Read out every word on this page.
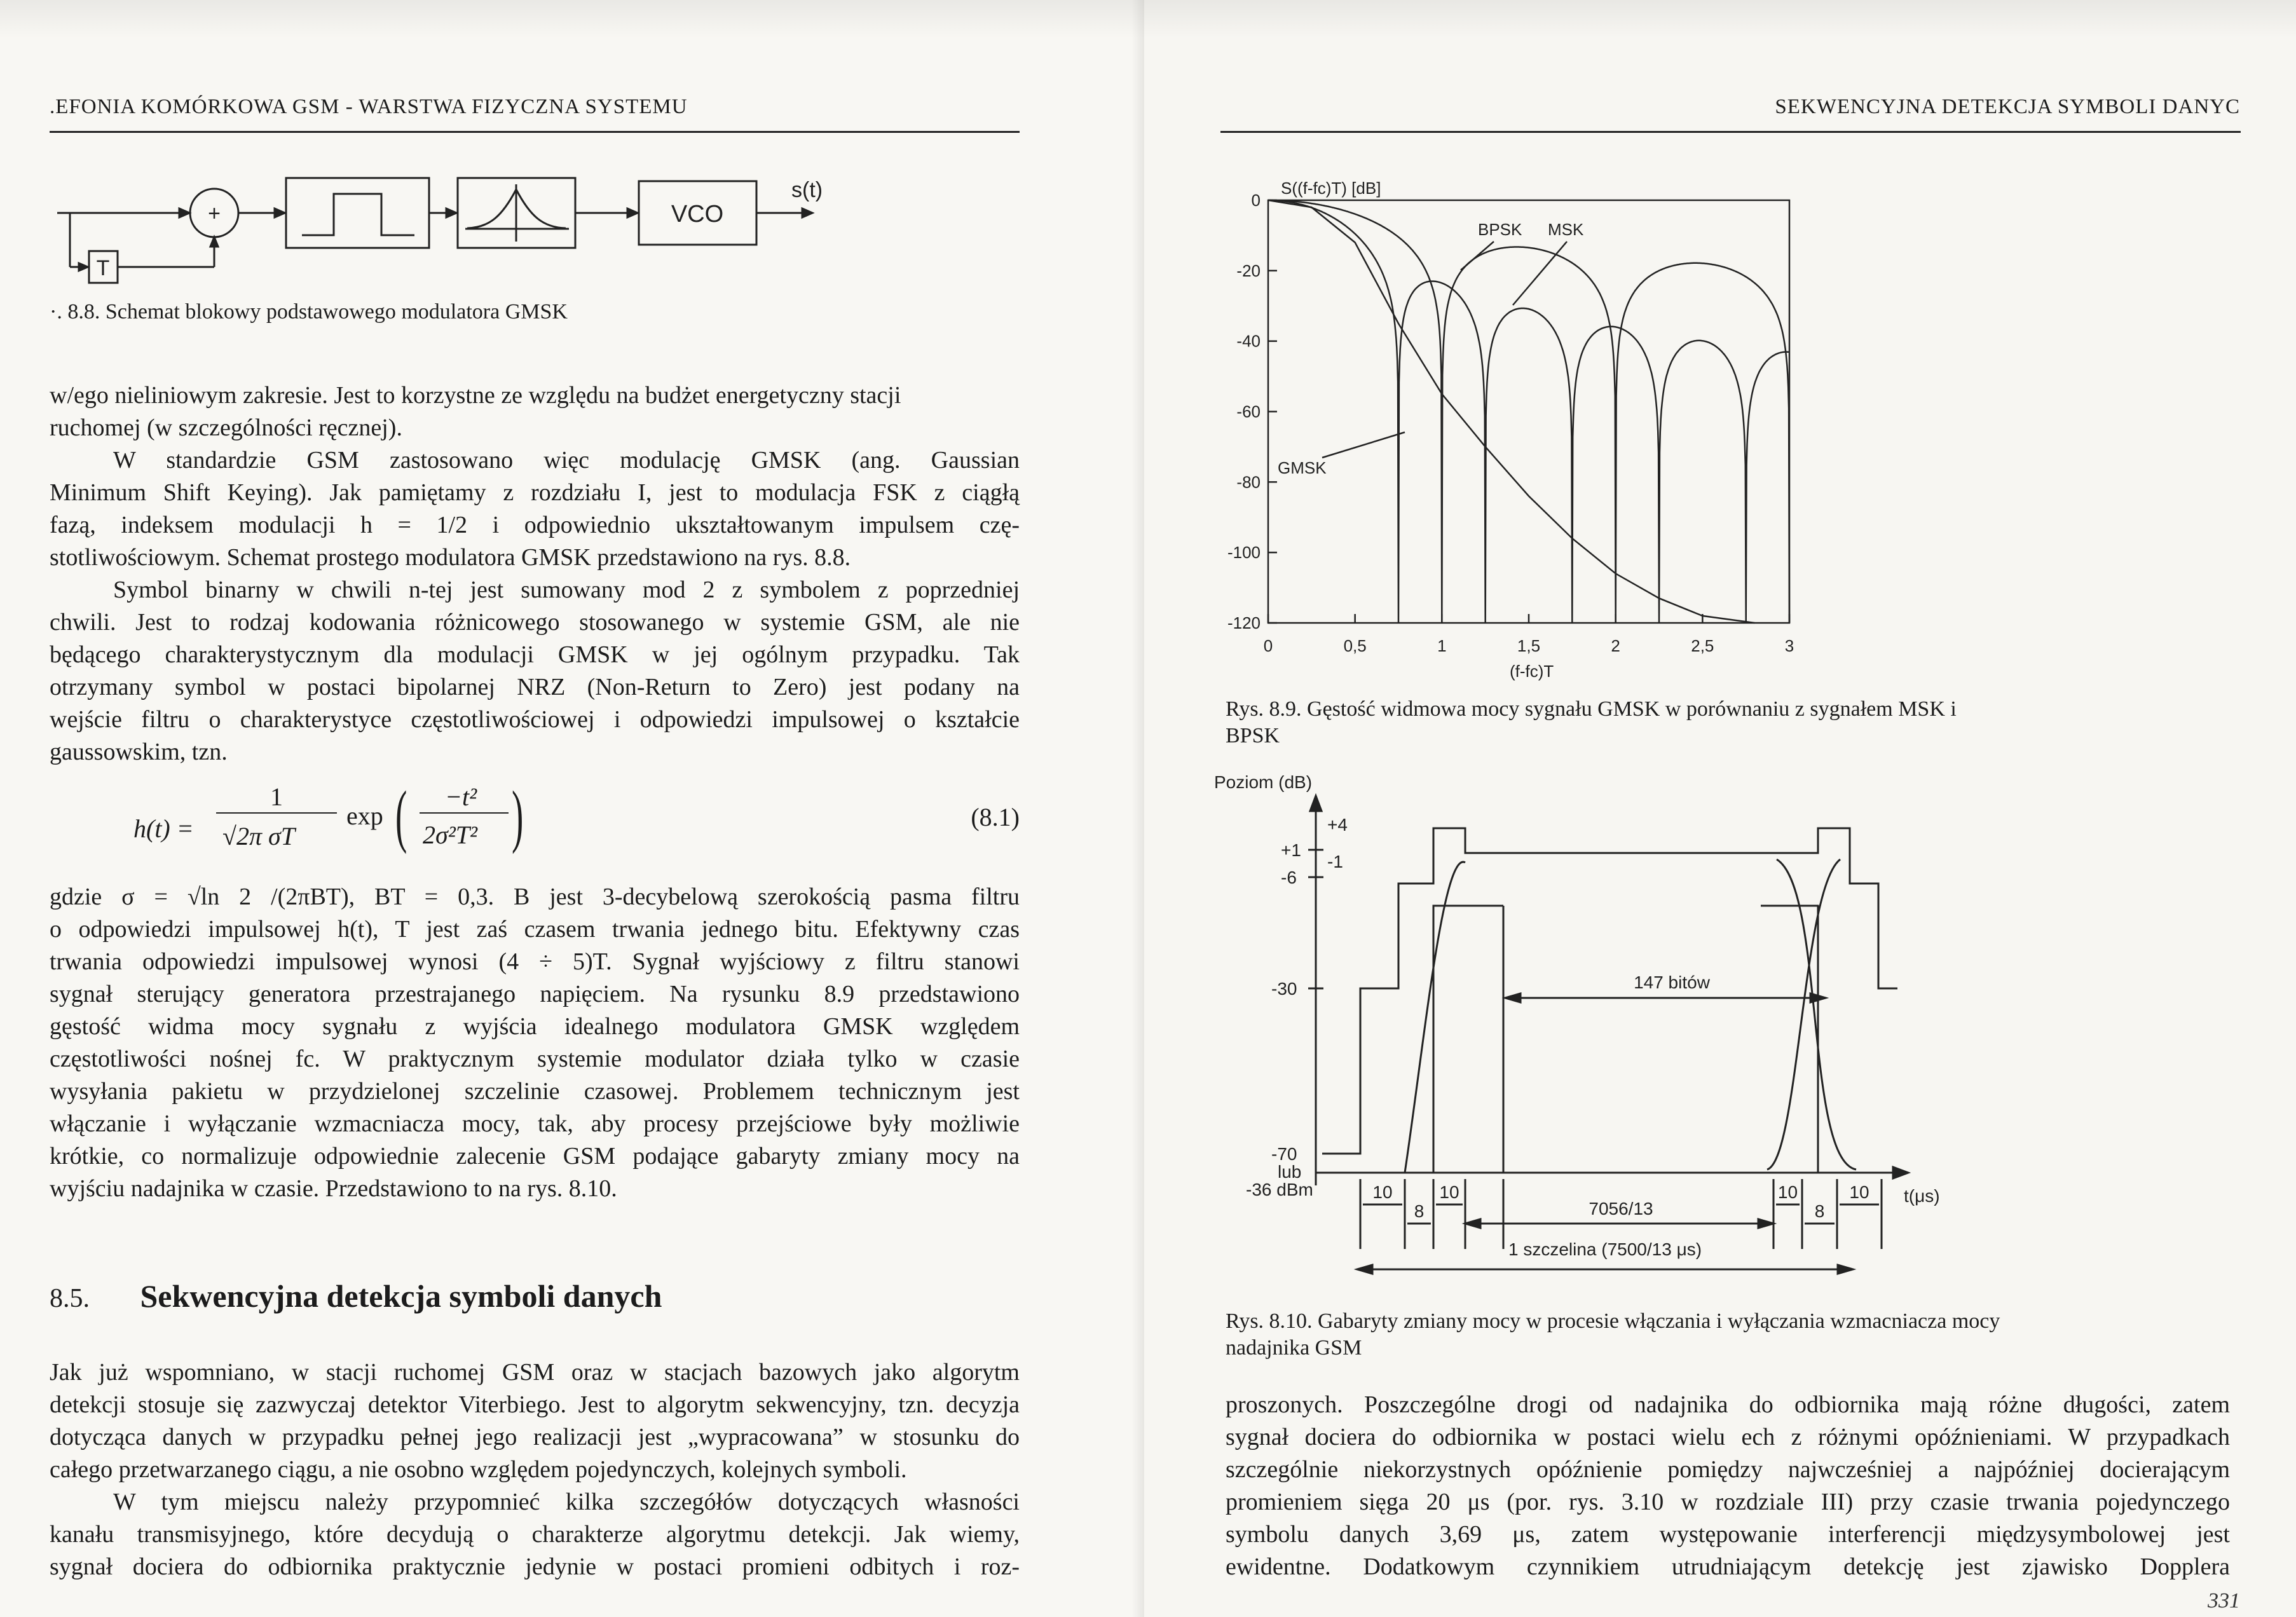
.EFONIA KOMÓRKOWA GSM - WARSTWA FIZYCZNA SYSTEMU
+
T
VCO
s(t)
·. 8.8. Schemat blokowy podstawowego modulatora GMSK

w/ego nieliniowym zakresie. Jest to korzystne ze względu na budżet energetyczny stacji
ruchomej (w szczególności ręcznej).

W standardzie GSM zastosowano więc modulację GMSK (ang. Gaussian
Minimum Shift Keying). Jak pamiętamy z rozdziału I, jest to modulacja FSK z ciągłą
fazą, indeksem modulacji h = 1/2 i odpowiednio ukształtowanym impulsem czę-
stotliwościowym. Schemat prostego modulatora GMSK przedstawiono na rys. 8.8.

Symbol binarny w chwili n-tej jest sumowany mod 2 z symbolem z poprzedniej
chwili. Jest to rodzaj kodowania różnicowego stosowanego w systemie GSM, ale nie
będącego charakterystycznym dla modulacji GMSK w jej ogólnym przypadku. Tak
otrzymany symbol w postaci bipolarnej NRZ (Non-Return to Zero) jest podany na
wejście filtru o charakterystyce częstotliwościowej i odpowiedzi impulsowej o kształcie
gaussowskim, tzn.

h(t) =
1
√2π σT
exp ( −t²
2σ²T² )	(8.1)

gdzie σ = √ln 2 /(2πBT), BT = 0,3. B jest 3-decybelową szerokością pasma filtru
o odpowiedzi impulsowej h(t), T jest zaś czasem trwania jednego bitu. Efektywny czas
trwania odpowiedzi impulsowej wynosi (4 ÷ 5)T. Sygnał wyjściowy z filtru stanowi
sygnał sterujący generatora przestrajanego napięciem. Na rysunku 8.9 przedstawiono
gęstość widma mocy sygnału z wyjścia idealnego modulatora GMSK względem
częstotliwości nośnej fc. W praktycznym systemie modulator działa tylko w czasie
wysyłania pakietu w przydzielonej szczelinie czasowej. Problemem technicznym jest
włączanie i wyłączanie wzmacniacza mocy, tak, aby procesy przejściowe były możliwie
krótkie, co normalizuje odpowiednie zalecenie GSM podające gabaryty zmiany mocy na
wyjściu nadajnika w czasie. Przedstawiono to na rys. 8.10.

8.5. Sekwencyjna detekcja symboli danych

Jak już wspomniano, w stacji ruchomej GSM oraz w stacjach bazowych jako algorytm
detekcji stosuje się zazwyczaj detektor Viterbiego. Jest to algorytm sekwencyjny, tzn. decyzja
dotycząca danych w przypadku pełnej jego realizacji jest „wypracowana” w stosunku do
całego przetwarzanego ciągu, a nie osobno względem pojedynczych, kolejnych symboli.

W tym miejscu należy przypomnieć kilka szczegółów dotyczących własności
kanału transmisyjnego, które decydują o charakterze algorytmu detekcji. Jak wiemy,
sygnał dociera do odbiornika praktycznie jedynie w postaci promieni odbitych i roz-

SEKWENCYJNA DETEKCJA SYMBOLI DANYC
S((f-fc)T) [dB]
(f-fc)T
0
-20
-40
-60
-80
-100
-120
0	0,5	1	1,5	2	2,5	3
BPSK MSK
GMSK
Rys. 8.9. Gęstość widmowa mocy sygnału GMSK w porównaniu z sygnałem MSK i BPSK
Poziom (dB)
t(μs)
+4
+1
-1
-6
-30
-70
lub
-36 dBm
147 bitów
10
8
10	10
8
10
7056/13
1 szczelina (7500/13 μs)
Rys. 8.10. Gabaryty zmiany mocy w procesie włączania i wyłączania wzmacniacza mocy nadajnika GSM

proszonych. Poszczególne drogi od nadajnika do odbiornika mają różne długości, zatem
sygnał dociera do odbiornika w postaci wielu ech z różnymi opóźnieniami. W przypadkach
szczególnie niekorzystnych opóźnienie pomiędzy najwcześniej a najpóźniej docierającym
promieniem sięga 20 μs (por. rys. 3.10 w rozdziale III) przy czasie trwania pojedynczego
symbolu danych 3,69 μs, zatem występowanie interferencji międzysymbolowej jest
ewidentne. Dodatkowym czynnikiem utrudniającym detekcję jest zjawisko Dopplera

331
